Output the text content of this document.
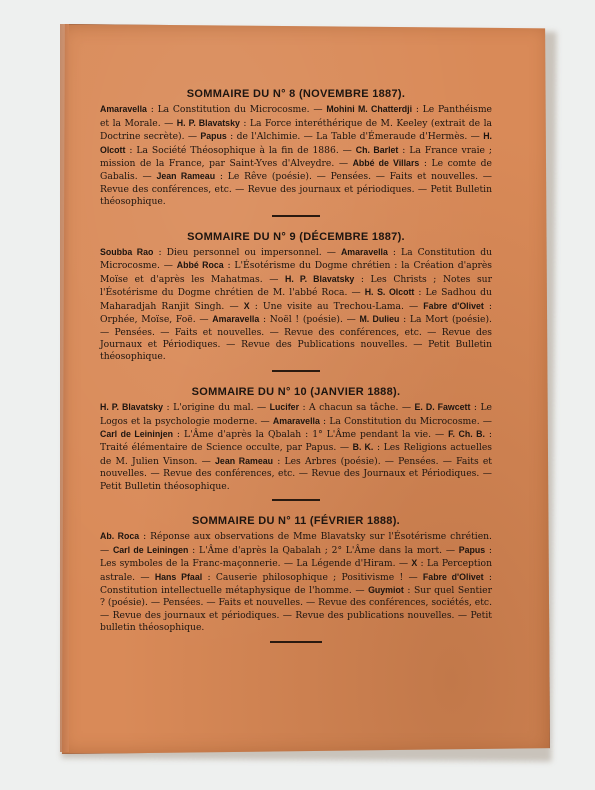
SOMMAIRE DU N° 8 (NOVEMBRE 1887).
Amaravella : La Constitution du Microcosme. — Mohini M. Chatterdji : Le Panthéisme et la Morale. — H. P. Blavatsky : La Force interéthérique de M. Keeley (extrait de la Doctrine secrète). — Papus : de l'Alchimie. — La Table d'Émeraude d'Hermès. — H. Olcott : La Société Théosophique à la fin de 1886. — Ch. Barlet : La France vraie ; mission de la France, par Saint-Yves d'Alveydre. — Abbé de Villars : Le comte de Gabalis. — Jean Rameau : Le Rêve (poésie). — Pensées. — Faits et nouvelles. — Revue des conférences, etc. — Revue des journaux et périodiques. — Petit Bulletin théosophique.
SOMMAIRE DU N° 9 (DÉCEMBRE 1887).
Soubba Rao : Dieu personnel ou impersonnel. — Amaravella : La Constitution du Microcosme. — Abbé Roca : L'Ésotérisme du Dogme chrétien : la Création d'après Moïse et d'après les Mahatmas. — H. P. Blavatsky : Les Christs ; Notes sur l'Ésotérisme du Dogme chrétien de M. l'abbé Roca. — H. S. Olcott : Le Sadhou du Maharadjah Ranjit Singh. — X : Une visite au Trechou-Lama. — Fabre d'Olivet : Orphée, Moïse, Foë. — Amaravella : Noël ! (poésie). — M. Dulieu : La Mort (poésie). — Pensées. — Faits et nouvelles. — Revue des conférences, etc. — Revue des Journaux et Périodiques. — Revue des Publications nouvelles. — Petit Bulletin théosophique.
SOMMAIRE DU N° 10 (JANVIER 1888).
H. P. Blavatsky : L'origine du mal. — Lucifer : A chacun sa tâche. — E. D. Fawcett : Le Logos et la psychologie moderne. — Amaravella : La Constitution du Microcosme. — Carl de Leininjen : L'Âme d'après la Qbalah : 1° L'Âme pendant la vie. — F. Ch. B. : Traité élémentaire de Science occulte, par Papus. — B. K. : Les Religions actuelles de M. Julien Vinson. — Jean Rameau : Les Arbres (poésie). — Pensées. — Faits et nouvelles. — Revue des conférences, etc. — Revue des Journaux et Périodiques. — Petit Bulletin théosophique.
SOMMAIRE DU N° 11 (FÉVRIER 1888).
Ab. Roca : Réponse aux observations de Mme Blavatsky sur l'Ésotérisme chrétien. — Carl de Leiningen : L'Âme d'après la Qabalah ; 2° L'Âme dans la mort. — Papus : Les symboles de la Franc-maçonnerie. — La Légende d'Hiram. — X : La Perception astrale. — Hans Pfaal : Causerie philosophique ; Positivisme ! — Fabre d'Olivet : Constitution intellectuelle métaphysique de l'homme. — Guymiot : Sur quel Sentier ? (poésie). — Pensées. — Faits et nouvelles. — Revue des conférences, sociétés, etc. — Revue des journaux et périodiques. — Revue des publications nouvelles. — Petit bulletin théosophique.
